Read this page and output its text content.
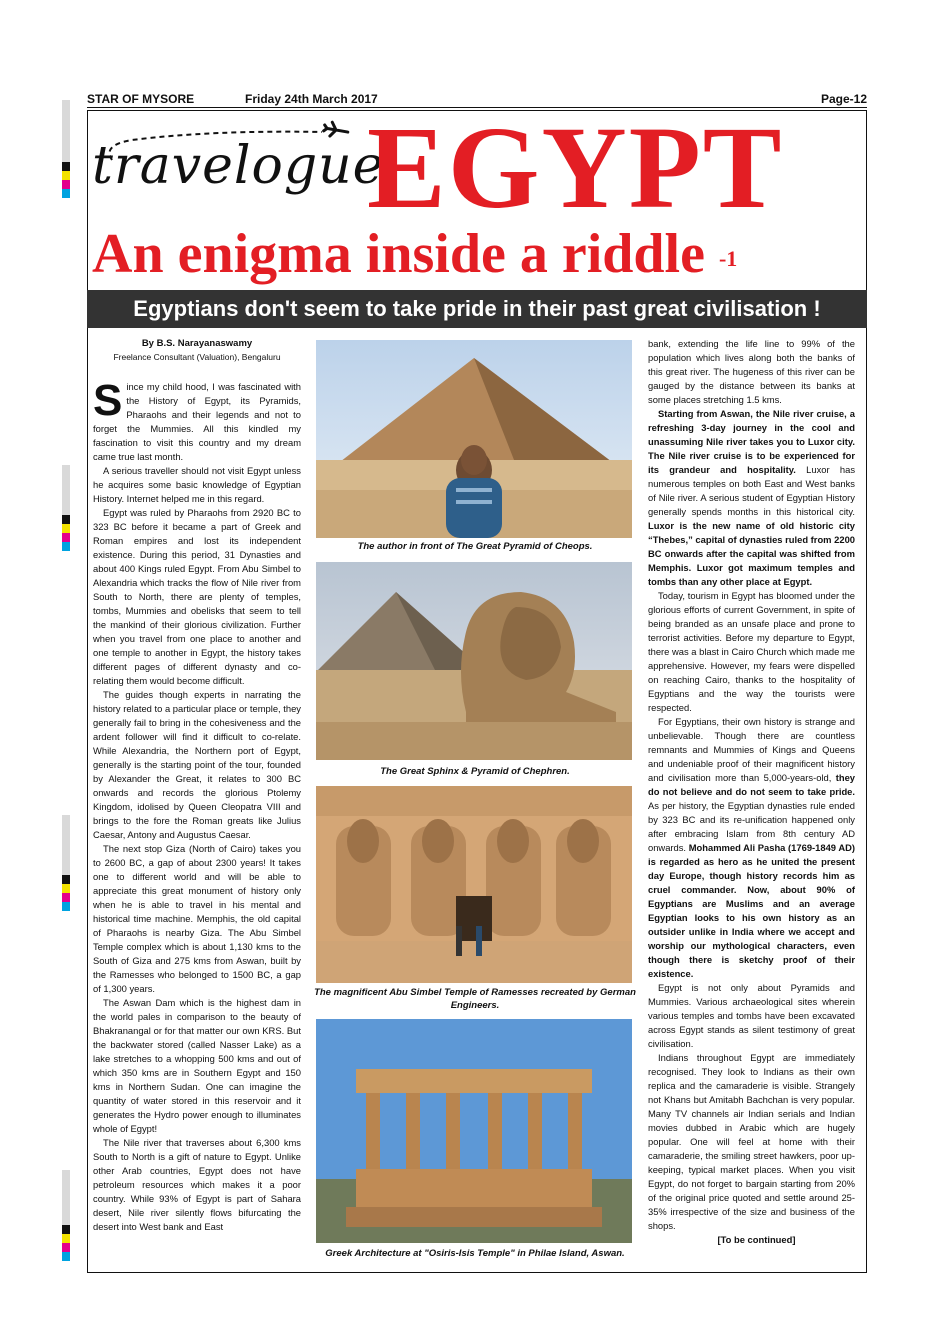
STAR OF MYSORE	Friday 24th March 2017	Page-12
travelogue
EGYPT
An enigma inside a riddle -1
Egyptians don't seem to take pride in their past great civilisation !
By B.S. Narayanaswamy
Freelance Consultant (Valuation), Bengaluru

Since my child hood, I was fascinated with the History of Egypt, its Pyramids, Pharaohs and their legends and not to forget the Mummies. All this kindled my fascination to visit this country and my dream came true last month.

A serious traveller should not visit Egypt unless he acquires some basic knowledge of Egyptian History. Internet helped me in this regard.

Egypt was ruled by Pharaohs from 2920 BC to 323 BC before it became a part of Greek and Roman empires and lost its independent existence. During this period, 31 Dynasties and about 400 Kings ruled Egypt. From Abu Simbel to Alexandria which tracks the flow of Nile river from South to North, there are plenty of temples, tombs, Mummies and obelisks that seem to tell the mankind of their glorious civilization. Further when you travel from one place to another and one temple to another in Egypt, the history takes different pages of different dynasty and co-relating them would become difficult.

The guides though experts in narrating the history related to a particular place or temple, they generally fail to bring in the cohesiveness and the ardent follower will find it difficult to co-relate. While Alexandria, the Northern port of Egypt, generally is the starting point of the tour, founded by Alexander the Great, it relates to 300 BC onwards and records the glorious Ptolemy Kingdom, idolised by Queen Cleopatra VIII and brings to the fore the Roman greats like Julius Caesar, Antony and Augustus Caesar.

The next stop Giza (North of Cairo) takes you to 2600 BC, a gap of about 2300 years! It takes one to different world and will be able to appreciate this great monument of history only when he is able to travel in his mental and historical time machine. Memphis, the old capital of Pharaohs is nearby Giza. The Abu Simbel Temple complex which is about 1,130 kms to the South of Giza and 275 kms from Aswan, built by the Ramesses who belonged to 1500 BC, a gap of 1,300 years.

The Aswan Dam which is the highest dam in the world pales in comparison to the beauty of Bhakranangal or for that matter our own KRS. But the backwater stored (called Nasser Lake) as a lake stretches to a whopping 500 kms and out of which 350 kms are in Southern Egypt and 150 kms in Northern Sudan. One can imagine the quantity of water stored in this reservoir and it generates the Hydro power enough to illuminates whole of Egypt!

The Nile river that traverses about 6,300 kms South to North is a gift of nature to Egypt. Unlike other Arab countries, Egypt does not have petroleum resources which makes it a poor country. While 93% of Egypt is part of Sahara desert, Nile river silently flows bifurcating the desert into West bank and East

The author in front of The Great Pyramid of Cheops.
The Great Sphinx & Pyramid of Chephren.
The magnificent Abu Simbel Temple of Ramesses recreated by German Engineers.
Greek Architecture at "Osiris-Isis Temple" in Philae Island, Aswan.

bank, extending the life line to 99% of the population which lives along both the banks of this great river. The hugeness of this river can be gauged by the distance between its banks at some places stretching 1.5 kms.

Starting from Aswan, the Nile river cruise, a refreshing 3-day journey in the cool and unassuming Nile river takes you to Luxor city. The Nile river cruise is to be experienced for its grandeur and hospitality. Luxor has numerous temples on both East and West banks of Nile river. A serious student of Egyptian History generally spends months in this historical city. Luxor is the new name of old historic city “Thebes,” capital of dynasties ruled from 2200 BC onwards after the capital was shifted from Memphis. Luxor got maximum temples and tombs than any other place at Egypt.

Today, tourism in Egypt has bloomed under the glorious efforts of current Government, in spite of being branded as an unsafe place and prone to terrorist activities. Before my departure to Egypt, there was a blast in Cairo Church which made me apprehensive. However, my fears were dispelled on reaching Cairo, thanks to the hospitality of Egyptians and the way the tourists were respected.

For Egyptians, their own history is strange and unbelievable. Though there are countless remnants and Mummies of Kings and Queens and undeniable proof of their magnificent history and civilisation more than 5,000-years-old, they do not believe and do not seem to take pride. As per history, the Egyptian dynasties rule ended by 323 BC and its re-unification happened only after embracing Islam from 8th century AD onwards. Mohammed Ali Pasha (1769-1849 AD) is regarded as hero as he united the present day Europe, though history records him as cruel commander. Now, about 90% of Egyptians are Muslims and an average Egyptian looks to his own history as an outsider unlike in India where we accept and worship our mythological characters, even though there is sketchy proof of their existence.

Egypt is not only about Pyramids and Mummies. Various archaeological sites wherein various temples and tombs have been excavated across Egypt stands as silent testimony of great civilisation.

Indians throughout Egypt are immediately recognised. They look to Indians as their own replica and the camaraderie is visible. Strangely not Khans but Amitabh Bachchan is very popular. Many TV channels air Indian serials and Indian movies dubbed in Arabic which are hugely popular. One will feel at home with their camaraderie, the smiling street hawkers, poor up-keeping, typical market places. When you visit Egypt, do not forget to bargain starting from 20% of the original price quoted and settle around 25-35% irrespective of the size and business of the shops.

[To be continued]
